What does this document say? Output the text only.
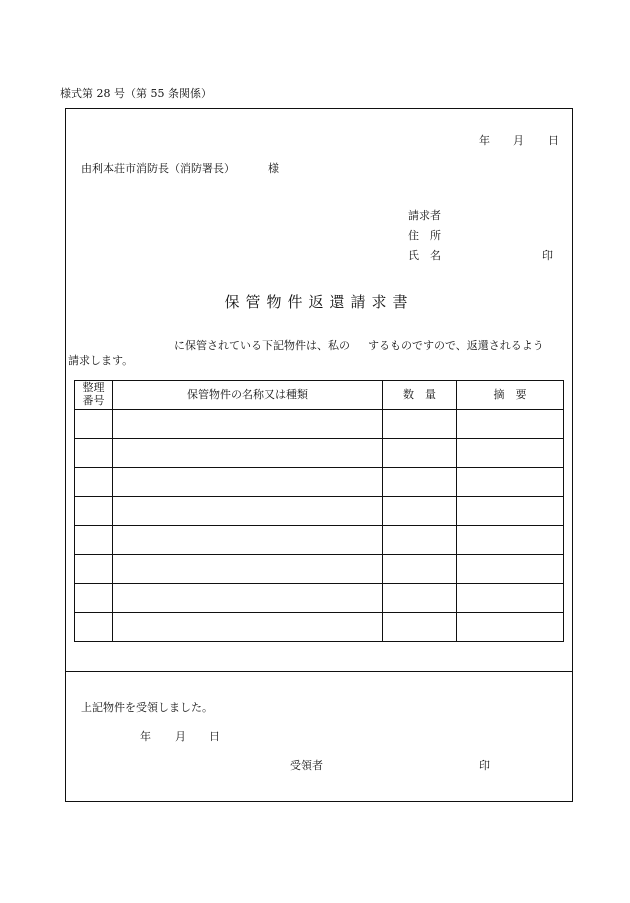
様式第 28 号（第 55 条関係）
年 月 日
由利本荘市消防長（消防署長）	様
請求者
住　所
氏　名	印
保管物件返還請求書
に保管されている下記物件は、私の するものですので、返還されるよう
請求します。
整理
番号	保管物件の名称又は種類	数　量	摘　要

上記物件を受領しました。
年 月 日
受領者	印
